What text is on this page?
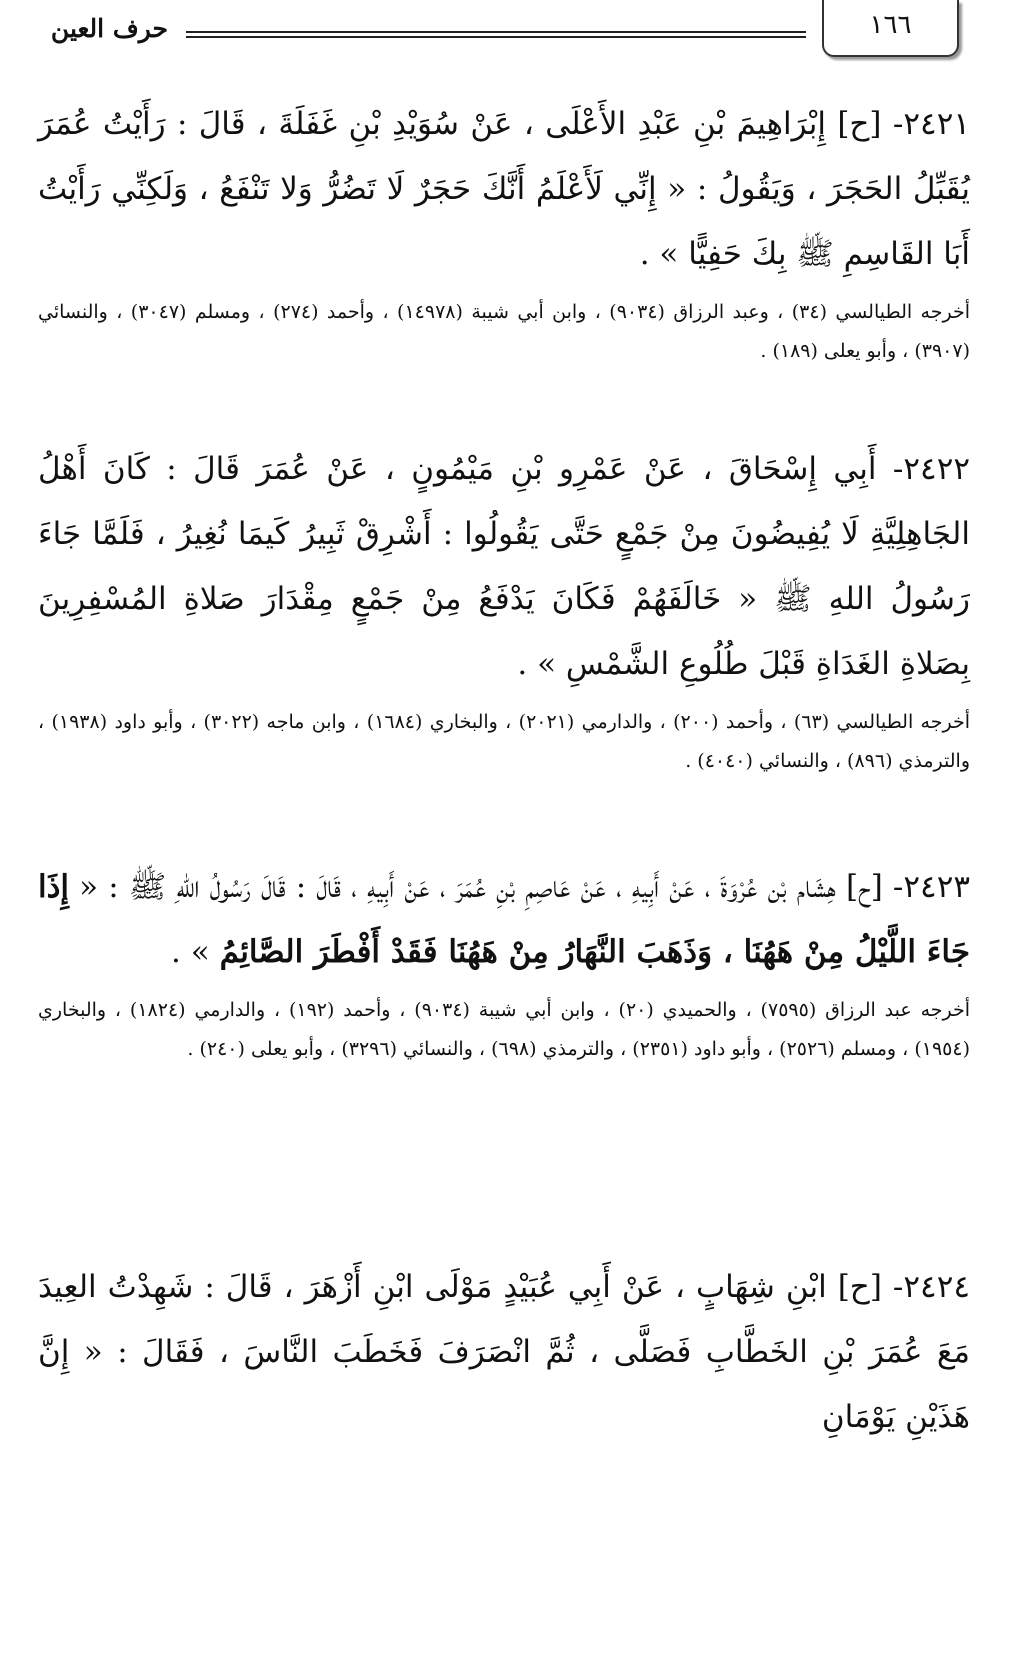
١٦٦
حرف العين

٢٤٢١- [ح] إِبْرَاهِيمَ بْنِ عَبْدِ الأَعْلَى ، عَنْ سُوَيْدِ بْنِ غَفَلَةَ ، قَالَ : رَأَيْتُ عُمَرَ يُقَبِّلُ الحَجَرَ ، وَيَقُولُ : « إِنِّي لَأَعْلَمُ أَنَّكَ حَجَرٌ لَا تَضُرُّ وَلا تَنْفَعُ ، وَلَكِنِّي رَأَيْتُ أَبَا القَاسِمِ ﷺ بِكَ حَفِيًّا » .

أخرجه الطيالسي (٣٤) ، وعبد الرزاق (٩٠٣٤) ، وابن أبي شيبة (١٤٩٧٨) ، وأحمد (٢٧٤) ، ومسلم (٣٠٤٧) ، والنسائي (٣٩٠٧) ، وأبو يعلى (١٨٩) .

٢٤٢٢- أَبِي إِسْحَاقَ ، عَنْ عَمْرِو بْنِ مَيْمُونٍ ، عَنْ عُمَرَ قَالَ : كَانَ أَهْلُ الجَاهِلِيَّةِ لَا يُفِيضُونَ مِنْ جَمْعٍ حَتَّى يَقُولُوا : أَشْرِقْ ثَبِيرُ كَيمَا نُغِيرُ ، فَلَمَّا جَاءَ رَسُولُ اللهِ ﷺ « خَالَفَهُمْ فَكَانَ يَدْفَعُ مِنْ جَمْعٍ مِقْدَارَ صَلاةِ المُسْفِرِينَ بِصَلاةِ الغَدَاةِ قَبْلَ طُلُوعِ الشَّمْسِ » .

أخرجه الطيالسي (٦٣) ، وأحمد (٢٠٠) ، والدارمي (٢٠٢١) ، والبخاري (١٦٨٤) ، وابن ماجه (٣٠٢٢) ، وأبو داود (١٩٣٨) ، والترمذي (٨٩٦) ، والنسائي (٤٠٤٠) .

٢٤٢٣- [ح] هِشَام بْن عُرْوَةَ ، عَنْ أَبِيهِ ، عَنْ عَاصِمِ بْنِ عُمَرَ ، عَنْ أَبِيهِ ، قَالَ : قَالَ رَسُولُ اللهِ ﷺ : « إِذَا جَاءَ اللَّيْلُ مِنْ هَهُنَا ، وَذَهَبَ النَّهَارُ مِنْ هَهُنَا فَقَدْ أَفْطَرَ الصَّائِمُ » .

أخرجه عبد الرزاق (٧٥٩٥) ، والحميدي (٢٠) ، وابن أبي شيبة (٩٠٣٤) ، وأحمد (١٩٢) ، والدارمي (١٨٢٤) ، والبخاري (١٩٥٤) ، ومسلم (٢٥٢٦) ، وأبو داود (٢٣٥١) ، والترمذي (٦٩٨) ، والنسائي (٣٢٩٦) ، وأبو يعلى (٢٤٠) .

٢٤٢٤- [ح] ابْنِ شِهَابٍ ، عَنْ أَبِي عُبَيْدٍ مَوْلَى ابْنِ أَزْهَرَ ، قَالَ : شَهِدْتُ العِيدَ مَعَ عُمَرَ بْنِ الخَطَّابِ فَصَلَّى ، ثُمَّ انْصَرَفَ فَخَطَبَ النَّاسَ ، فَقَالَ : « إِنَّ هَذَيْنِ يَوْمَانِ
